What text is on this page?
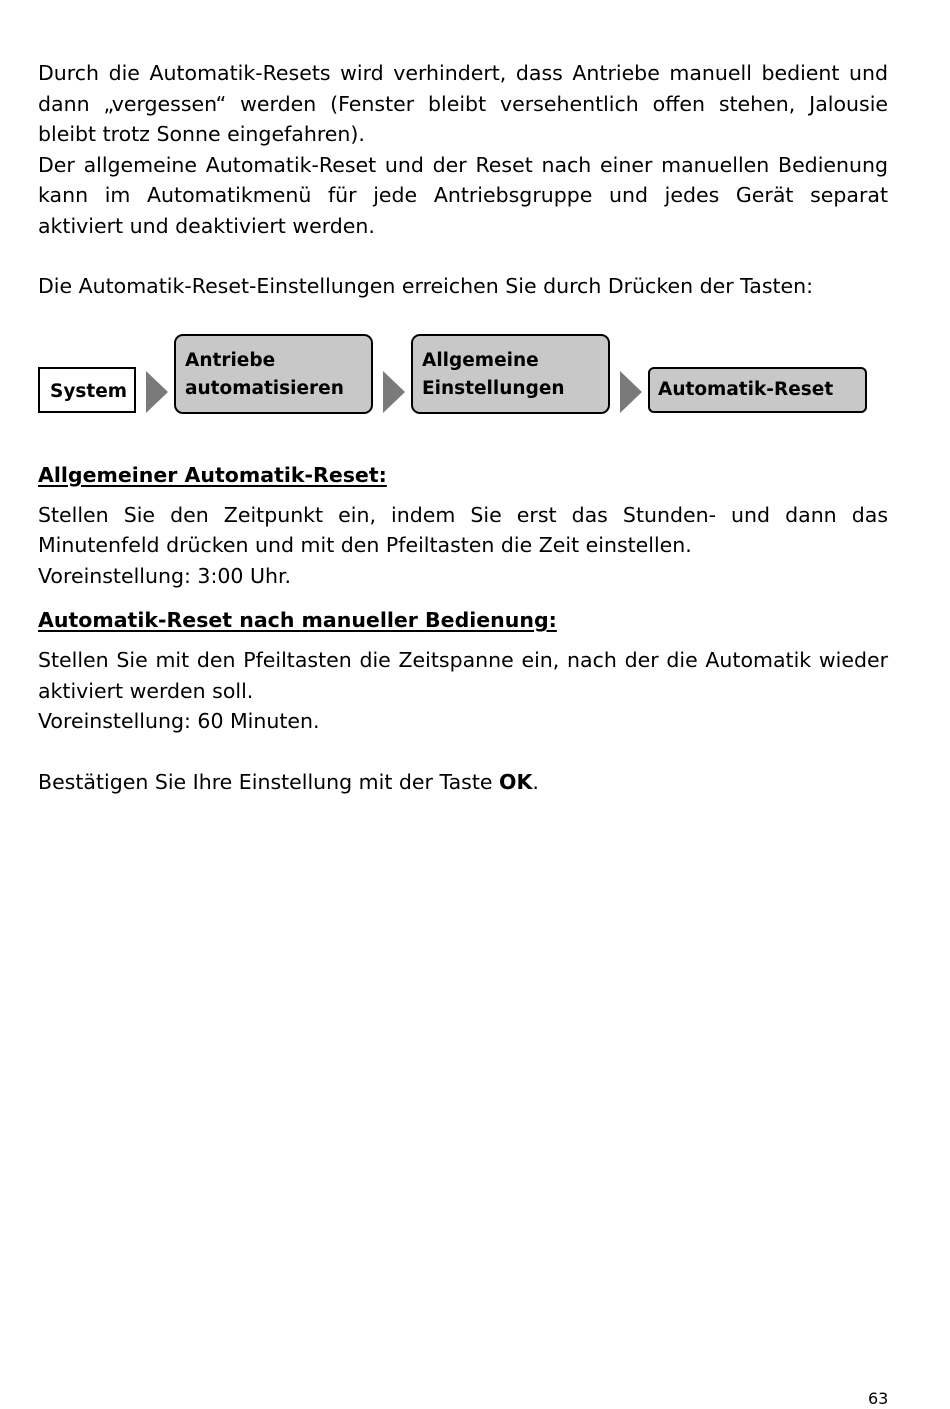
Durch die Automatik-Resets wird verhindert, dass Antriebe manuell bedient und dann „vergessen“ werden (Fenster bleibt versehentlich offen stehen, Jalousie bleibt trotz Sonne eingefahren).

Der allgemeine Automatik-Reset und der Reset nach einer manuellen Bedienung kann im Automatikmenü für jede Antriebsgruppe und jedes Gerät separat aktiviert und deaktiviert werden.

Die Automatik-Reset-Einstellungen erreichen Sie durch Drücken der Tasten:

System
Antriebe
automatisieren
Allgemeine
Einstellungen	Automatik-Reset
Allgemeiner Automatik-Reset:

Stellen Sie den Zeitpunkt ein, indem Sie erst das Stunden- und dann das Minutenfeld drücken und mit den Pfeiltasten die Zeit einstellen.

Voreinstellung: 3:00 Uhr.

Automatik-Reset nach manueller Bedienung:

Stellen Sie mit den Pfeiltasten die Zeitspanne ein, nach der die Automatik wieder aktiviert werden soll.

Voreinstellung: 60 Minuten.

Bestätigen Sie Ihre Einstellung mit der Taste OK.

63
